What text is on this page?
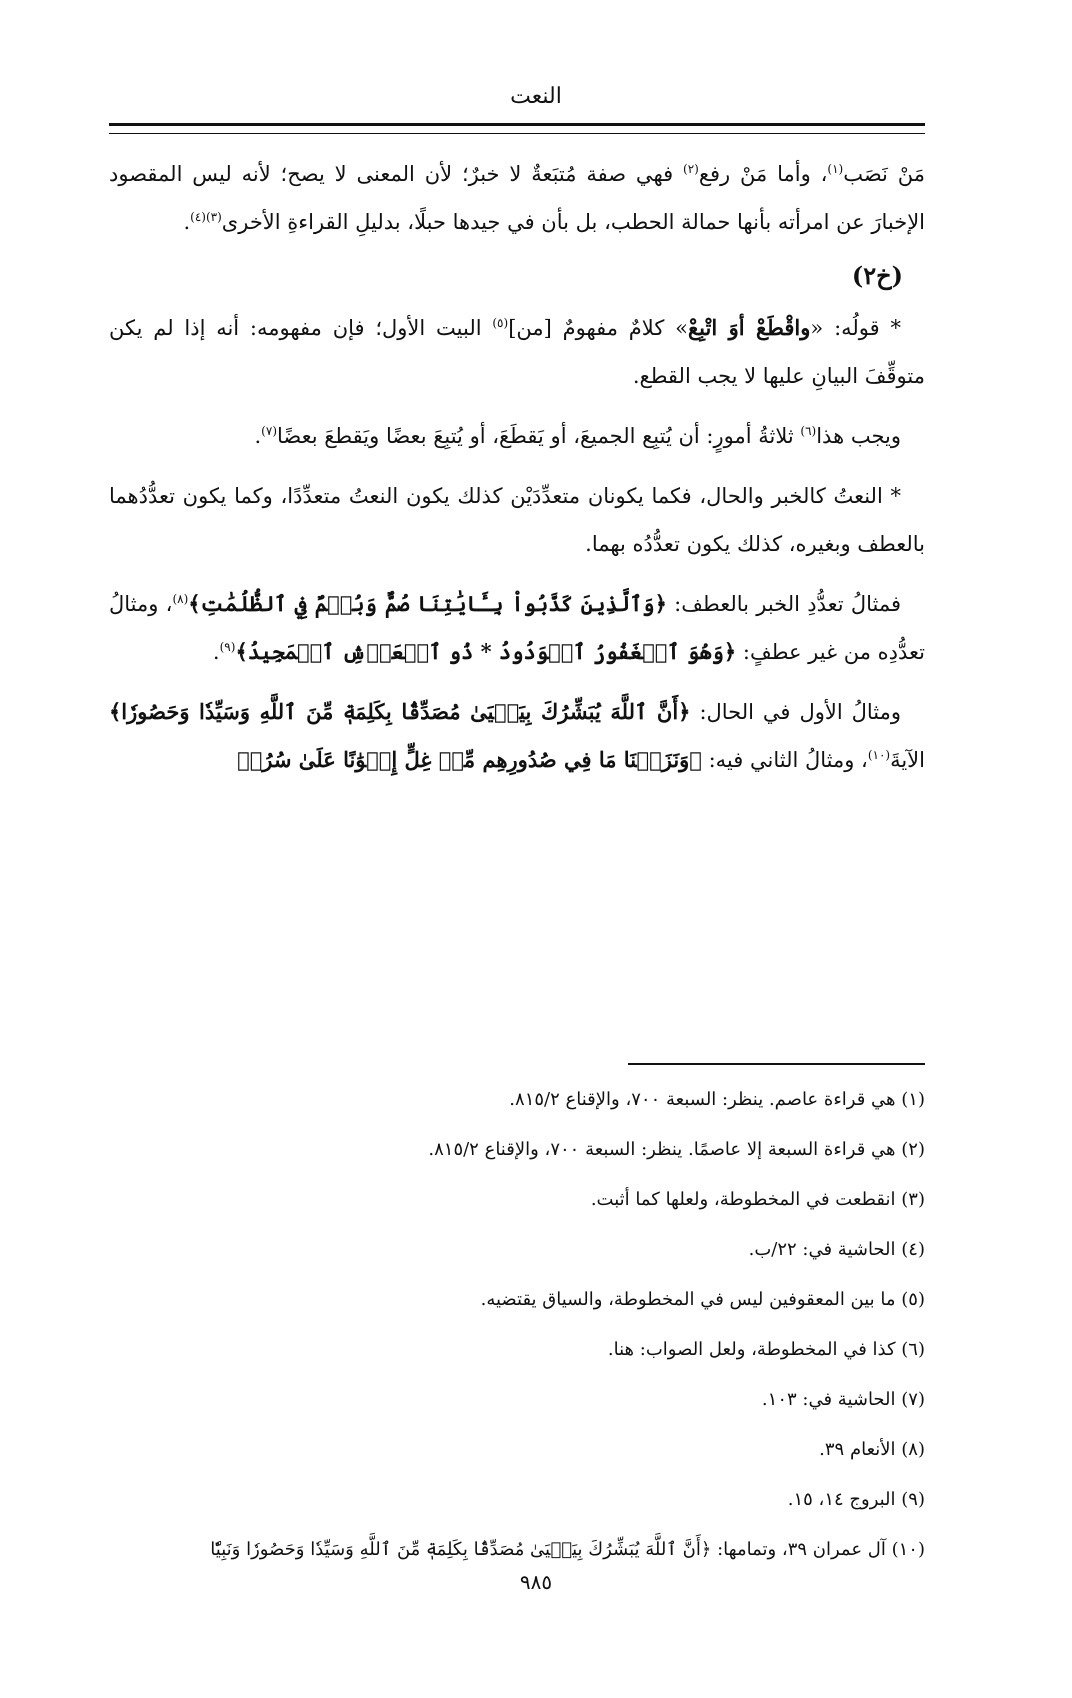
النعت

مَنْ نَصَب$^{(١)}$، وأما مَنْ رفع$^{(٢)}$ فهي صفة مُتبَعةٌ لا خبرٌ؛ لأن المعنى لا يصح؛ لأنه ليس المقصود الإخبارَ عن امرأته بأنها حمالة الحطب، بل بأن في جيدها حبلًا، بدليلِ القراءةِ الأخرى$^{(٣)(٤)}$.

(خ٢)

* قولُه: «واقْطَعْ أوَ اتْبِعْ» كلامٌ مفهومٌ [من]$^{(٥)}$ البيت الأول؛ فإن مفهومه: أنه إذا لم يكن متوقِّفَ البيانِ عليها لا يجب القطع.

ويجب هذا$^{(٦)}$ ثلاثةُ أمورٍ: أن يُتبِع الجميعَ، أو يَقطَعَ، أو يُتبِعَ بعضًا ويَقطعَ بعضًا$^{(٧)}$.

* النعتُ كالخبر والحال، فكما يكونان متعدِّدَيْن كذلك يكون النعتُ متعدِّدًا، وكما يكون تعدُّدُهما بالعطف وبغيره، كذلك يكون تعدُّدُه بهما.

فمثالُ تعدُّدِ الخبر بالعطف: ﴿وَٱلَّذِينَ كَذَّبُواْ بِـَٔايَٰتِنَا صُمٌّ وَبُكۡمٌ فِي ٱلظُّلُمَٰتِ﴾$^{(٨)}$، ومثالُ تعدُّدِه من غير عطفٍ: ﴿وَهُوَ ٱلۡغَفُورُ ٱلۡوَدُودُ * ذُو ٱلۡعَرۡشِ ٱلۡمَجِيدُ﴾$^{(٩)}$.

ومثالُ الأول في الحال: ﴿أَنَّ ٱللَّهَ يُبَشِّرُكَ بِيَحۡيَىٰ مُصَدِّقَۢا بِكَلِمَةٖ مِّنَ ٱللَّهِ وَسَيِّدٗا وَحَصُورٗا﴾ الآيةَ$^{(١٠)}$، ومثالُ الثاني فيه: ﴿وَنَزَعۡنَا مَا فِي صُدُورِهِم مِّنۡ غِلٍّ إِخۡوَٰنًا عَلَىٰ سُرُرٖ

(١) هي قراءة عاصم. ينظر: السبعة ٧٠٠، والإقناع ٨١٥/٢.
(٢) هي قراءة السبعة إلا عاصمًا. ينظر: السبعة ٧٠٠، والإقناع ٨١٥/٢.
(٣) انقطعت في المخطوطة، ولعلها كما أثبت.
(٤) الحاشية في: ٢٢/ب.
(٥) ما بين المعقوفين ليس في المخطوطة، والسياق يقتضيه.
(٦) كذا في المخطوطة، ولعل الصواب: هنا.
(٧) الحاشية في: ١٠٣.
(٨) الأنعام ٣٩.
(٩) البروج ١٤، ١٥.
(١٠) آل عمران ٣٩، وتمامها: ﴿أَنَّ ٱللَّهَ يُبَشِّرُكَ بِيَحۡيَىٰ مُصَدِّقَۢا بِكَلِمَةٖ مِّنَ ٱللَّهِ وَسَيِّدٗا وَحَصُورٗا وَنَبِيّٗا
٩٨٥
